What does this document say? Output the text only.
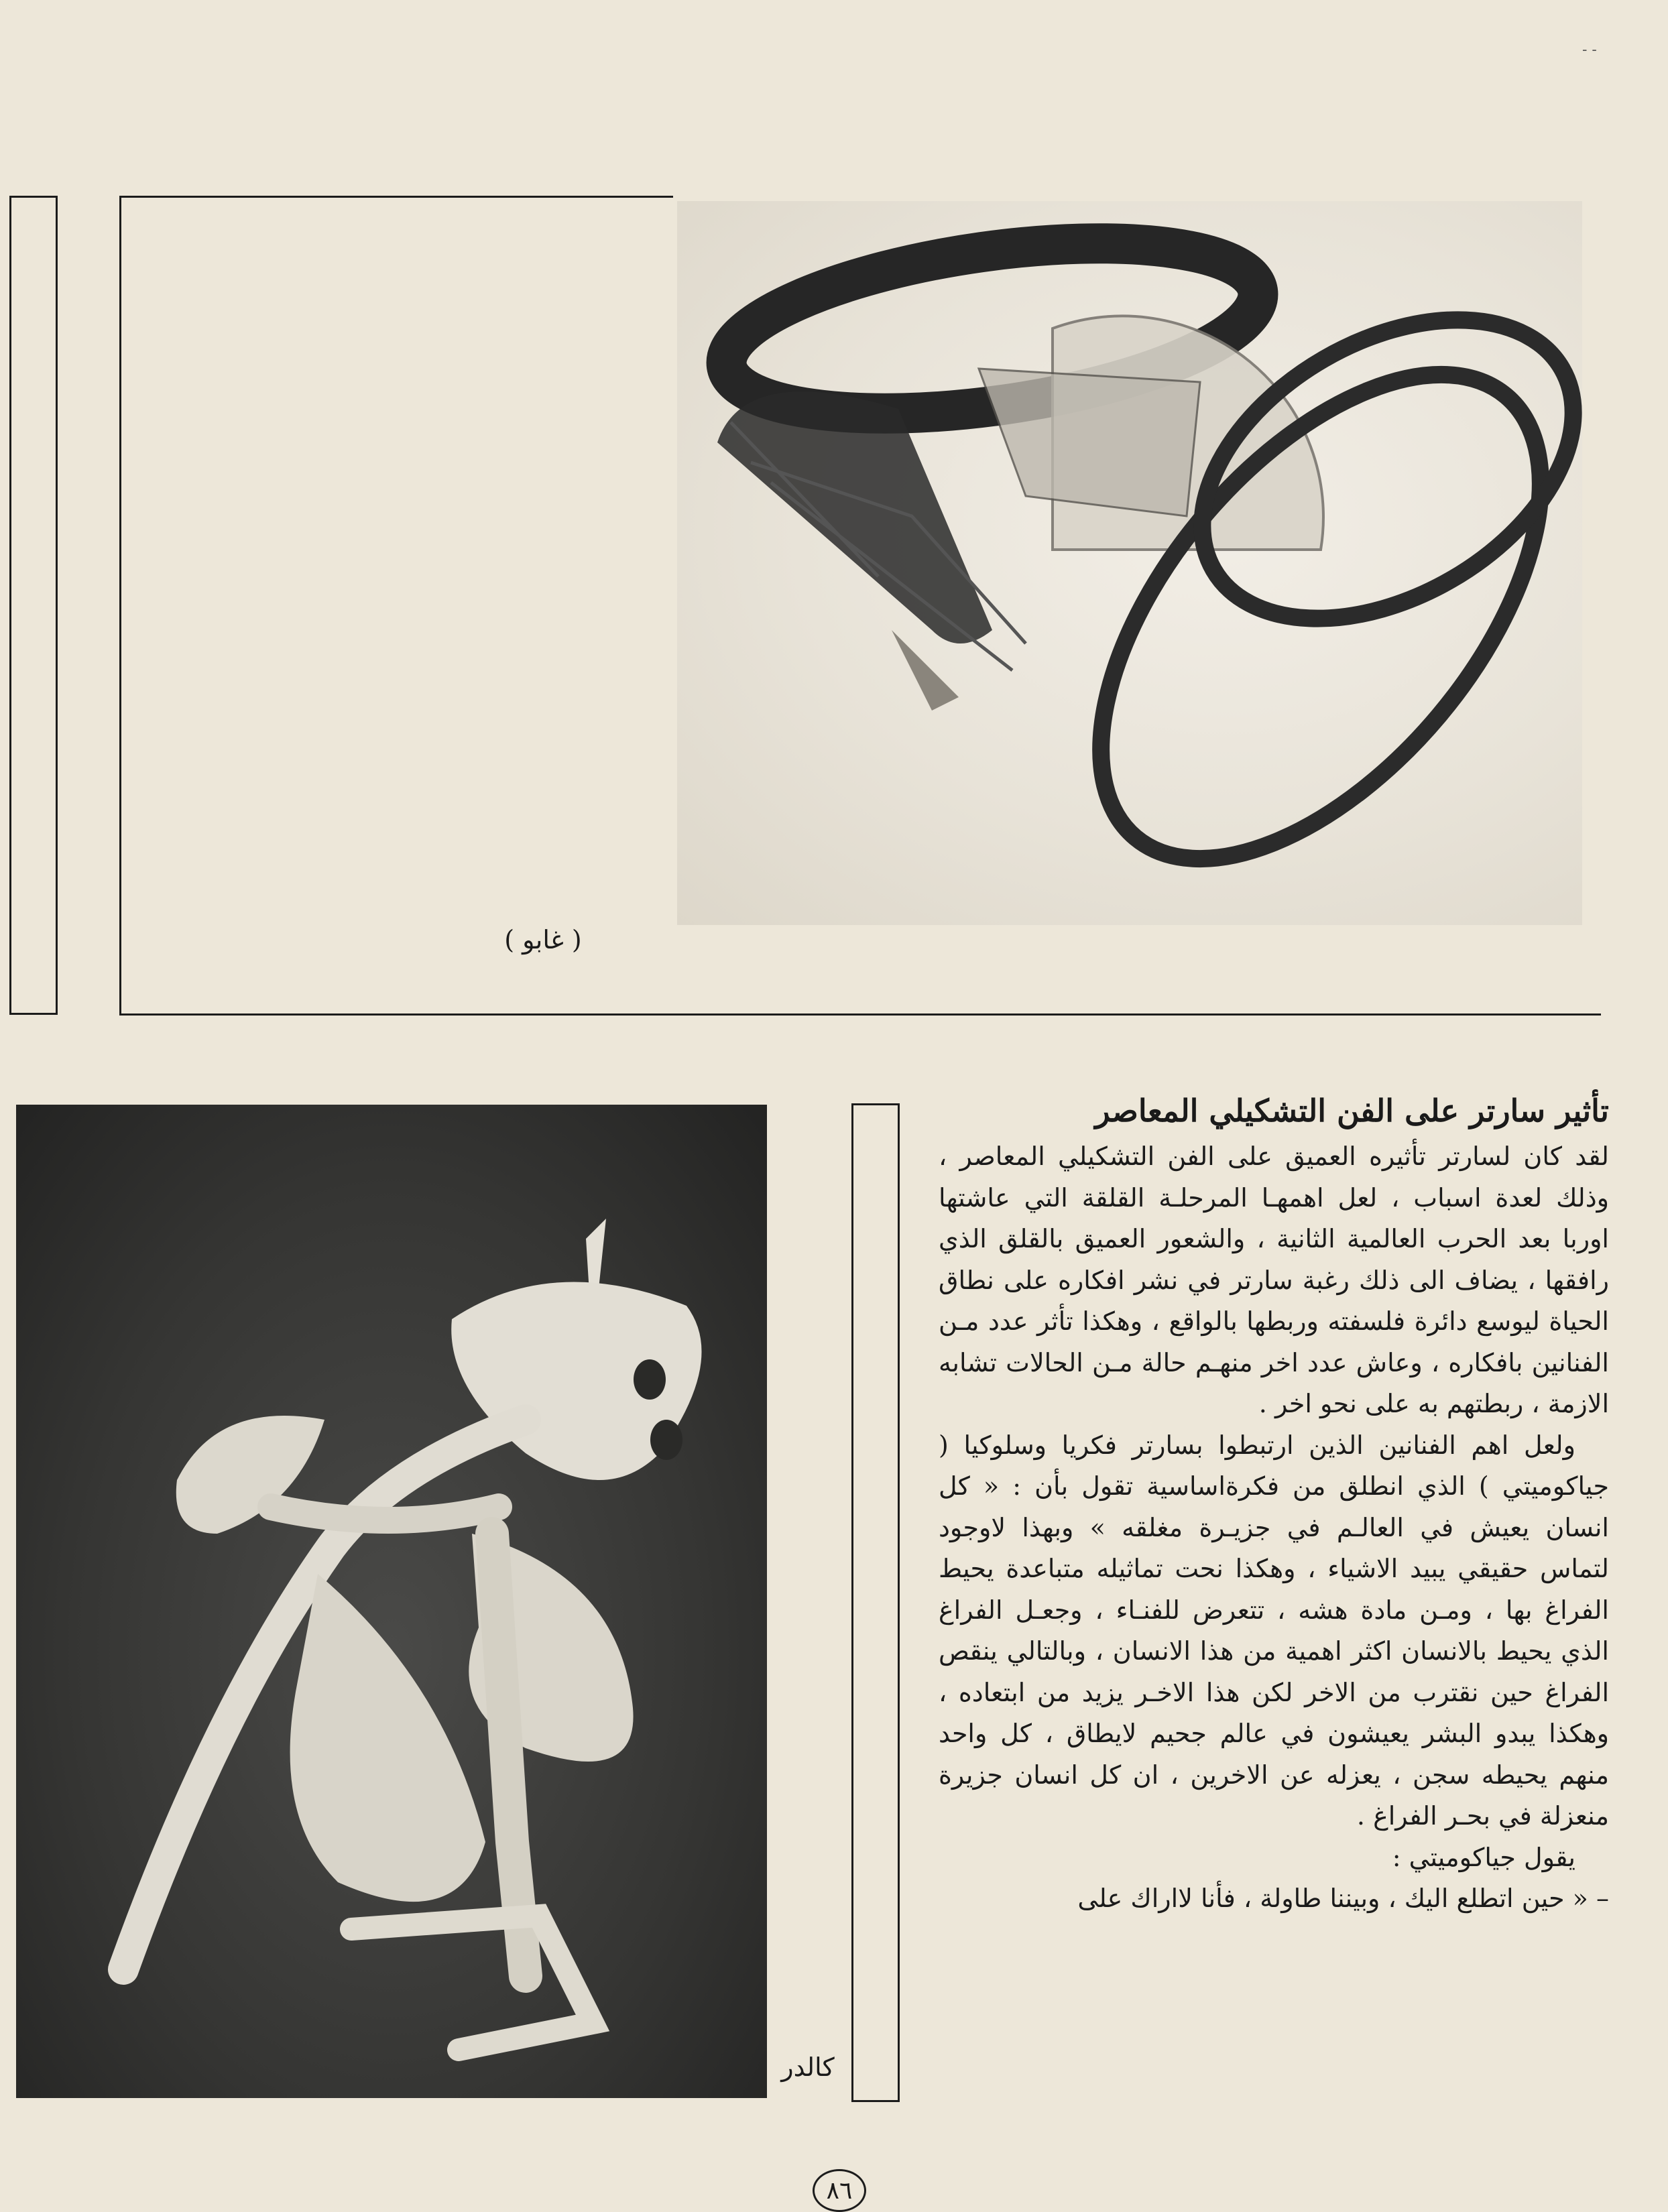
- -
( غابو )
كالدر
تأثير سارتر على الفن التشكيلي المعاصر

لقد كان لسارتر تأثيره العميق على الفن التشكيلي المعاصر ، وذلك لعدة اسباب ، لعل اهمهـا المرحلـة القلقة التي عاشتها اوربا بعد الحرب العالمية الثانية ، والشعور العميق بالقلق الذي رافقها ، يضاف الى ذلك رغبة سارتر في نشر افكاره على نطاق الحياة ليوسع دائرة فلسفته وربطها بالواقع ، وهكذا تأثر عدد مـن الفنانين بافكاره ، وعاش عدد اخر منهـم حالة مـن الحالات تشابه الازمة ، ربطتهم به على نحو اخر .

ولعل اهم الفنانين الذين ارتبطوا بسارتر فكريا وسلوكيا ( جياكوميتي ) الذي انطلق من فكرةاساسية تقول بأن : « كل انسان يعيش في العالـم في جزيـرة مغلقه » وبهذا لاوجود لتماس حقيقي يبيد الاشياء ، وهكذا نحت تماثيله متباعدة يحيط الفراغ بها ، ومـن مادة هشه ، تتعرض للفنـاء ، وجعـل الفراغ الذي يحيط بالانسان اكثر اهمية من هذا الانسان ، وبالتالي ينقص الفراغ حين نقترب من الاخر لكن هذا الاخـر يزيد من ابتعاده ، وهكذا يبدو البشر يعيشون في عالم جحيم لايطاق ، كل واحد منهم يحيطه سجن ، يعزله عن الاخرين ، ان كل انسان جزيرة منعزلة في بحـر الفراغ .

يقول جياكوميتي :

– « حين اتطلع اليك ، وبيننا طاولة ، فأنا لااراك على

٨٦
